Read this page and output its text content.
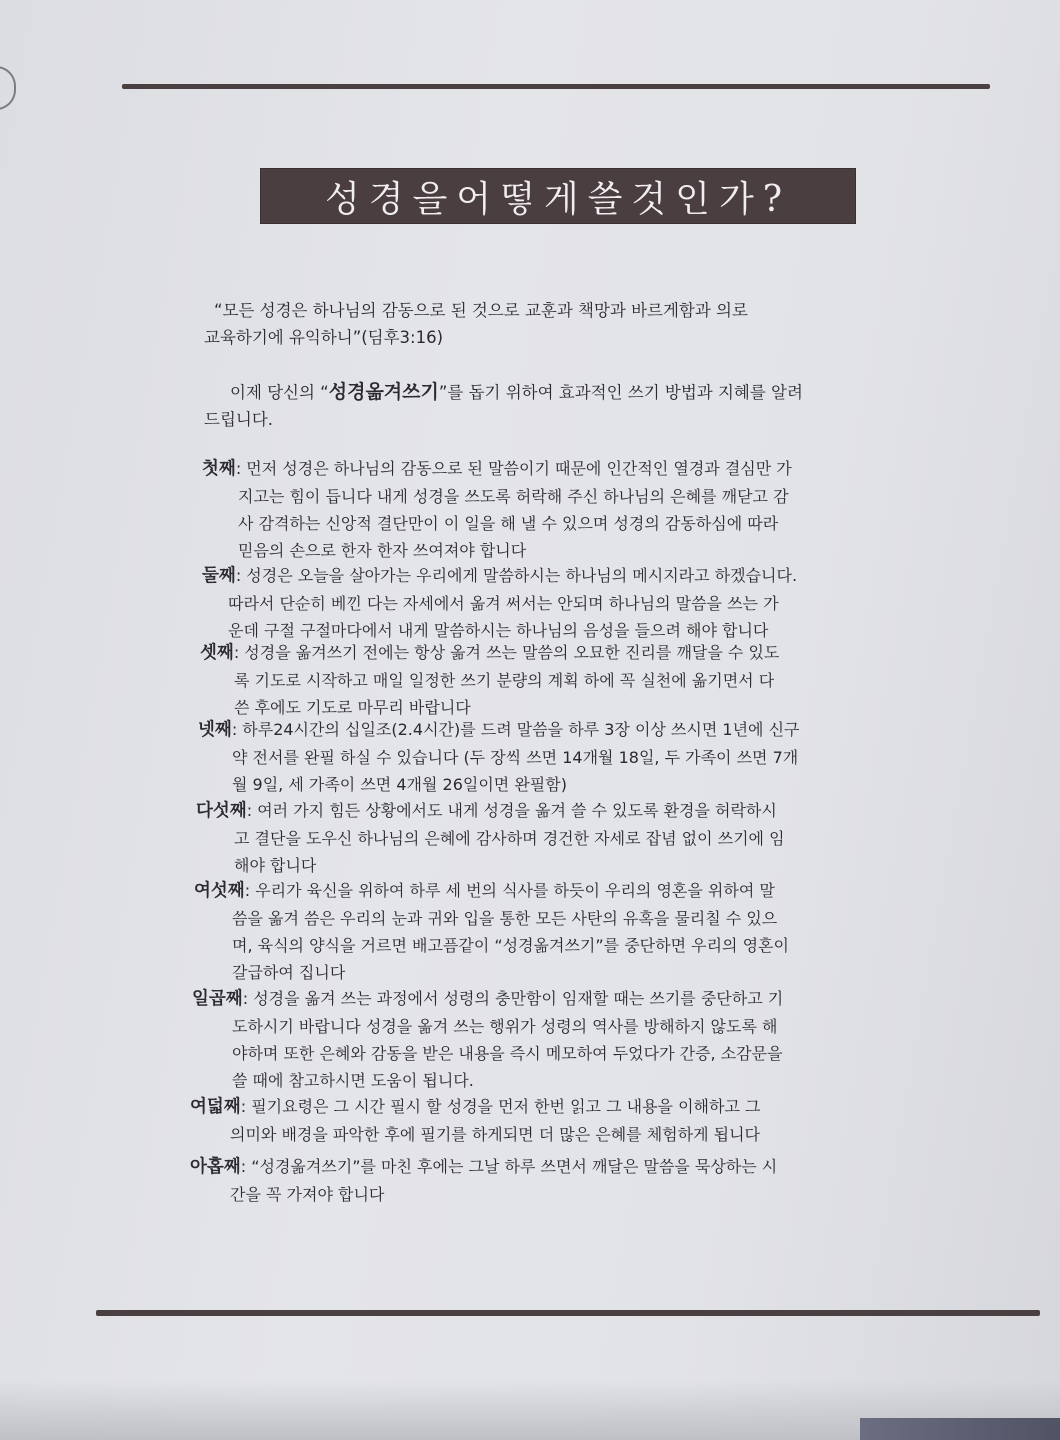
성경을어떻게쓸것인가?
“모든 성경은 하나님의 감동으로 된 것으로 교훈과 책망과 바르게함과 의로
교육하기에 유익하니”(딤후3:16)
이제 당신의 “성경옮겨쓰기”를 돕기 위하여 효과적인 쓰기 방법과 지혜를 알려
드립니다.
첫째: 먼저 성경은 하나님의 감동으로 된 말씀이기 때문에 인간적인 열경과 결심만 가
지고는 힘이 듭니다 내게 성경을 쓰도록 허락해 주신 하나님의 은혜를 깨닫고 감
사 감격하는 신앙적 결단만이 이 일을 해 낼 수 있으며 성경의 감동하심에 따라
믿음의 손으로 한자 한자 쓰여져야 합니다
둘째: 성경은 오늘을 살아가는 우리에게 말씀하시는 하나님의 메시지라고 하겠습니다.
따라서 단순히 베낀 다는 자세에서 옮겨 써서는 안되며 하나님의 말씀을 쓰는 가
운데 구절 구절마다에서 내게 말씀하시는 하나님의 음성을 들으려 해야 합니다
셋째: 성경을 옮겨쓰기 전에는 항상 옮겨 쓰는 말씀의 오묘한 진리를 깨달을 수 있도
록 기도로 시작하고 매일 일정한 쓰기 분량의 계획 하에 꼭 실천에 옮기면서 다
쓴 후에도 기도로 마무리 바랍니다
넷째: 하루24시간의 십일조(2.4시간)를 드려 말씀을 하루 3장 이상 쓰시면 1년에 신구
약 전서를 완필 하실 수 있습니다 (두 장씩 쓰면 14개월 18일, 두 가족이 쓰면 7개
월 9일, 세 가족이 쓰면 4개월 26일이면 완필함)
다섯째: 여러 가지 힘든 상황에서도 내게 성경을 옮겨 쓸 수 있도록 환경을 허락하시
고 결단을 도우신 하나님의 은혜에 감사하며 경건한 자세로 잡념 없이 쓰기에 임
해야 합니다
여섯째: 우리가 육신을 위하여 하루 세 번의 식사를 하듯이 우리의 영혼을 위하여 말
씀을 옮겨 씀은 우리의 눈과 귀와 입을 통한 모든 사탄의 유혹을 물리칠 수 있으
며, 육식의 양식을 거르면 배고픔같이 “성경옮겨쓰기”를 중단하면 우리의 영혼이
갈급하여 집니다
일곱째: 성경을 옮겨 쓰는 과정에서 성령의 충만함이 임재할 때는 쓰기를 중단하고 기
도하시기 바랍니다 성경을 옮겨 쓰는 행위가 성령의 역사를 방해하지 않도록 해
야하며 또한 은혜와 감동을 받은 내용을 즉시 메모하여 두었다가 간증, 소감문을
쓸 때에 참고하시면 도움이 됩니다.
여덟째: 필기요령은 그 시간 필시 할 성경을 먼저 한번 읽고 그 내용을 이해하고 그
의미와 배경을 파악한 후에 필기를 하게되면 더 많은 은혜를 체험하게 됩니다
아홉째: “성경옮겨쓰기”를 마친 후에는 그날 하루 쓰면서 깨달은 말씀을 묵상하는 시
간을 꼭 가져야 합니다
